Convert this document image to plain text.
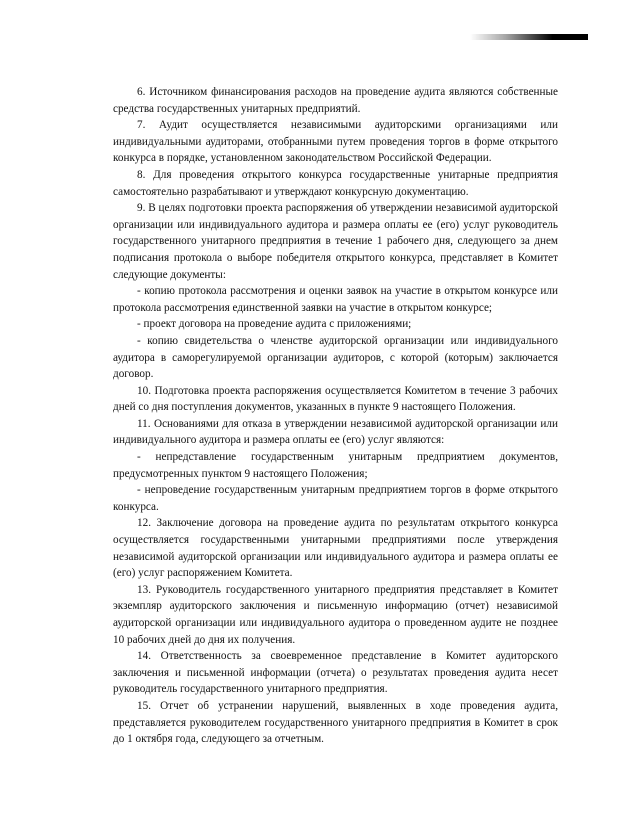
6. Источником финансирования расходов на проведение аудита являются собственные средства государственных унитарных предприятий.

7. Аудит осуществляется независимыми аудиторскими организациями или индивидуальными аудиторами, отобранными путем проведения торгов в форме открытого конкурса в порядке, установленном законодательством Российской Федерации.

8. Для проведения открытого конкурса государственные унитарные предприятия самостоятельно разрабатывают и утверждают конкурсную документацию.

9. В целях подготовки проекта распоряжения об утверждении независимой аудиторской организации или индивидуального аудитора и размера оплаты ее (его) услуг руководитель государственного унитарного предприятия в течение 1 рабочего дня, следующего за днем подписания протокола о выборе победителя открытого конкурса, представляет в Комитет следующие документы:

- копию протокола рассмотрения и оценки заявок на участие в открытом конкурсе или протокола рассмотрения единственной заявки на участие в открытом конкурсе;

- проект договора на проведение аудита с приложениями;

- копию свидетельства о членстве аудиторской организации или индивидуального аудитора в саморегулируемой организации аудиторов, с которой (которым) заключается договор.

10. Подготовка проекта распоряжения осуществляется Комитетом в течение 3 рабочих дней со дня поступления документов, указанных в пункте 9 настоящего Положения.

11. Основаниями для отказа в утверждении независимой аудиторской организации или индивидуального аудитора и размера оплаты ее (его) услуг являются:

- непредставление государственным унитарным предприятием документов, предусмотренных пунктом 9 настоящего Положения;

- непроведение государственным унитарным предприятием торгов в форме открытого конкурса.

12. Заключение договора на проведение аудита по результатам открытого конкурса осуществляется государственными унитарными предприятиями после утверждения независимой аудиторской организации или индивидуального аудитора и размера оплаты ее (его) услуг распоряжением Комитета.

13. Руководитель государственного унитарного предприятия представляет в Комитет экземпляр аудиторского заключения и письменную информацию (отчет) независимой аудиторской организации или индивидуального аудитора о проведенном аудите не позднее 10 рабочих дней до дня их получения.

14. Ответственность за своевременное представление в Комитет аудиторского заключения и письменной информации (отчета) о результатах проведения аудита несет руководитель государственного унитарного предприятия.

15. Отчет об устранении нарушений, выявленных в ходе проведения аудита, представляется руководителем государственного унитарного предприятия в Комитет в срок до 1 октября года, следующего за отчетным.
